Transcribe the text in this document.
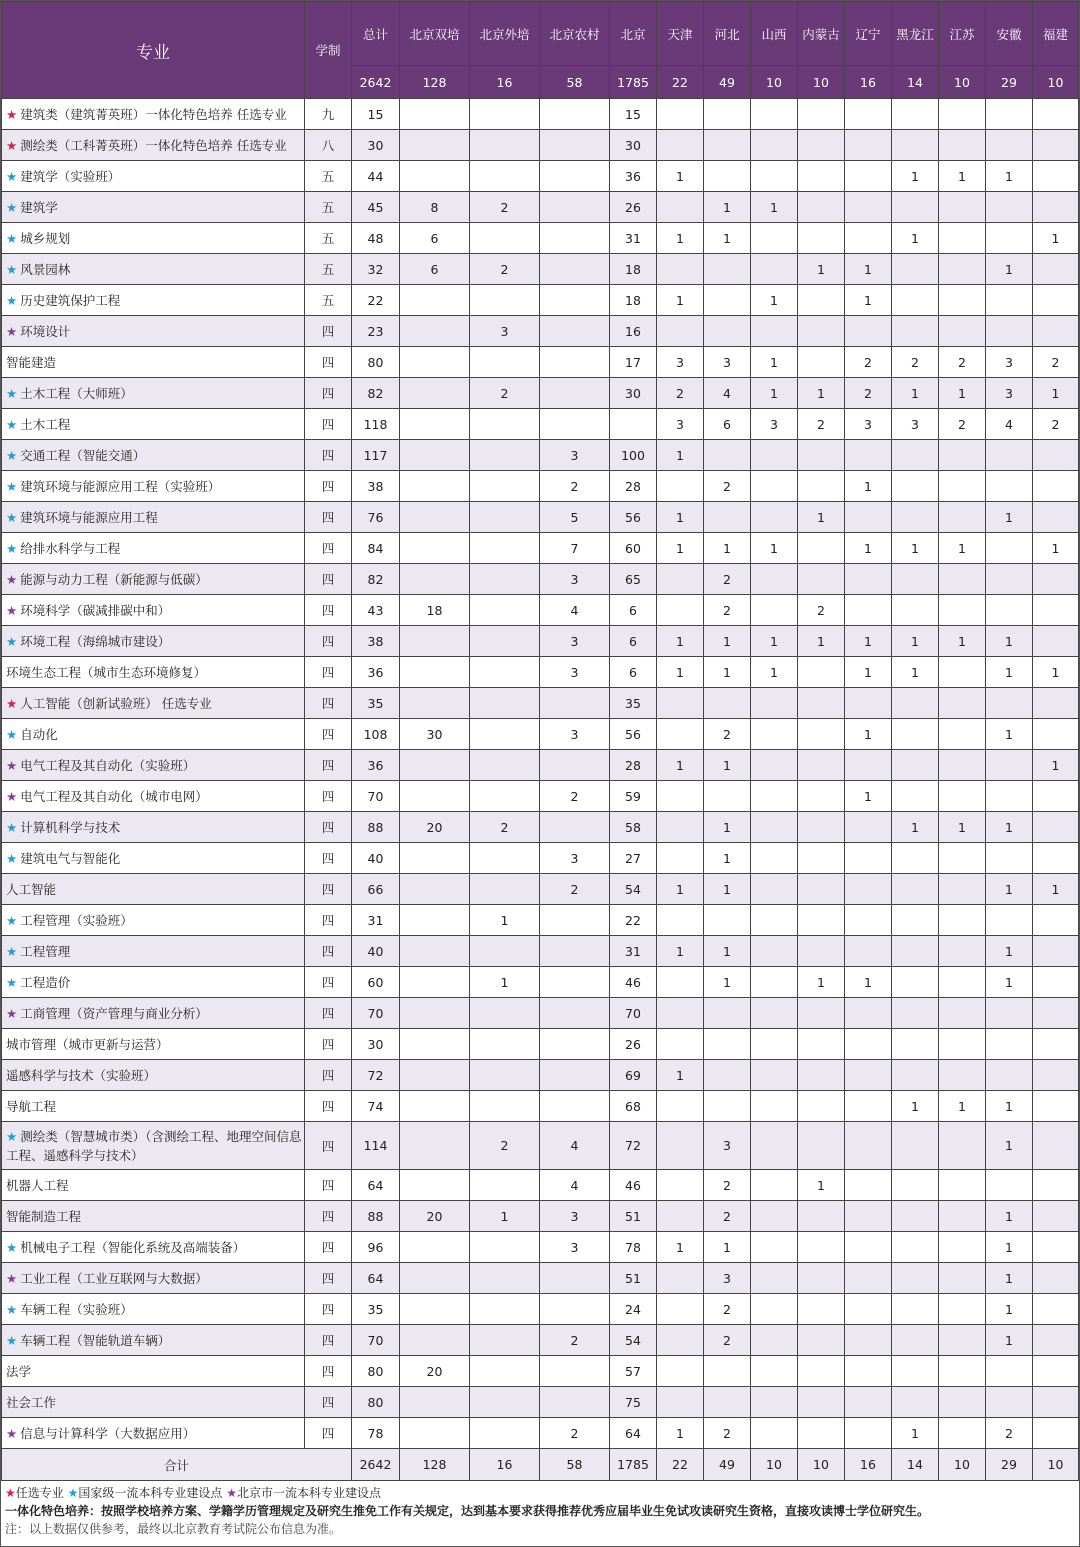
专业	学制	总计	北京双培	北京外培	北京农村	北京	天津	河北	山西	内蒙古	辽宁	黑龙江	江苏	安徽	福建
		2642	128	16	58	1785	22	49	10	10	16	14	10	29	10
★ 建筑类（建筑菁英班）一体化特色培养 任选专业	九	15				15									
★ 测绘类（工科菁英班）一体化特色培养 任选专业	八	30				30									
★ 建筑学（实验班）	五	44				36	1					1	1	1	
★ 建筑学	五	45	8	2		26		1	1						
★ 城乡规划	五	48	6			31	1	1				1			1
★ 风景园林	五	32	6	2		18				1	1			1	
★ 历史建筑保护工程	五	22				18	1		1		1				
★ 环境设计	四	23		3		16									
智能建造	四	80				17	3	3	1		2	2	2	3	2
★ 土木工程（大师班）	四	82		2		30	2	4	1	1	2	1	1	3	1
★ 土木工程	四	118					3	6	3	2	3	3	2	4	2
★ 交通工程（智能交通）	四	117			3	100	1								
★ 建筑环境与能源应用工程（实验班）	四	38			2	28		2			1				
★ 建筑环境与能源应用工程	四	76			5	56	1			1				1	
★ 给排水科学与工程	四	84			7	60	1	1	1		1	1	1		1
★ 能源与动力工程（新能源与低碳）	四	82			3	65		2							
★ 环境科学（碳减排碳中和）	四	43	18		4	6		2		2					
★ 环境工程（海绵城市建设）	四	38			3	6	1	1	1	1	1	1	1	1	
环境生态工程（城市生态环境修复）	四	36			3	6	1	1	1		1	1		1	1
★ 人工智能（创新试验班） 任选专业	四	35				35									
★ 自动化	四	108	30		3	56		2			1			1	
★ 电气工程及其自动化（实验班）	四	36				28	1	1							1
★ 电气工程及其自动化（城市电网）	四	70			2	59					1				
★ 计算机科学与技术	四	88	20	2		58		1				1	1	1	
★ 建筑电气与智能化	四	40			3	27		1							
人工智能	四	66			2	54	1	1						1	1
★ 工程管理（实验班）	四	31		1		22									
★ 工程管理	四	40				31	1	1						1	
★ 工程造价	四	60		1		46		1		1	1			1	
★ 工商管理（资产管理与商业分析）	四	70				70									
城市管理（城市更新与运营）	四	30				26									
遥感科学与技术（实验班）	四	72				69	1								
导航工程	四	74				68						1	1	1	
★ 测绘类（智慧城市类）（含测绘工程、地理空间信息工程、遥感科学与技术）	四	114		2	4	72		3						1	
机器人工程	四	64			4	46		2		1					
智能制造工程	四	88	20	1	3	51		2						1	
★ 机械电子工程（智能化系统及高端装备）	四	96			3	78	1	1						1	
★ 工业工程（工业互联网与大数据）	四	64				51		3						1	
★ 车辆工程（实验班）	四	35				24		2						1	
★ 车辆工程（智能轨道车辆）	四	70			2	54		2						1	
法学	四	80	20			57									
社会工作	四	80				75									
★ 信息与计算科学（大数据应用）	四	78			2	64	1	2				1		2	
合计		2642	128	16	58	1785	22	49	10	10	16	14	10	29	10
★任选专业 ★国家级一流本科专业建设点 ★北京市一流本科专业建设点
一体化特色培养：按照学校培养方案、学籍学历管理规定及研究生推免工作有关规定，达到基本要求获得推荐优秀应届毕业生免试攻读研究生资格，直接攻读博士学位研究生。
注：以上数据仅供参考，最终以北京教育考试院公布信息为准。
